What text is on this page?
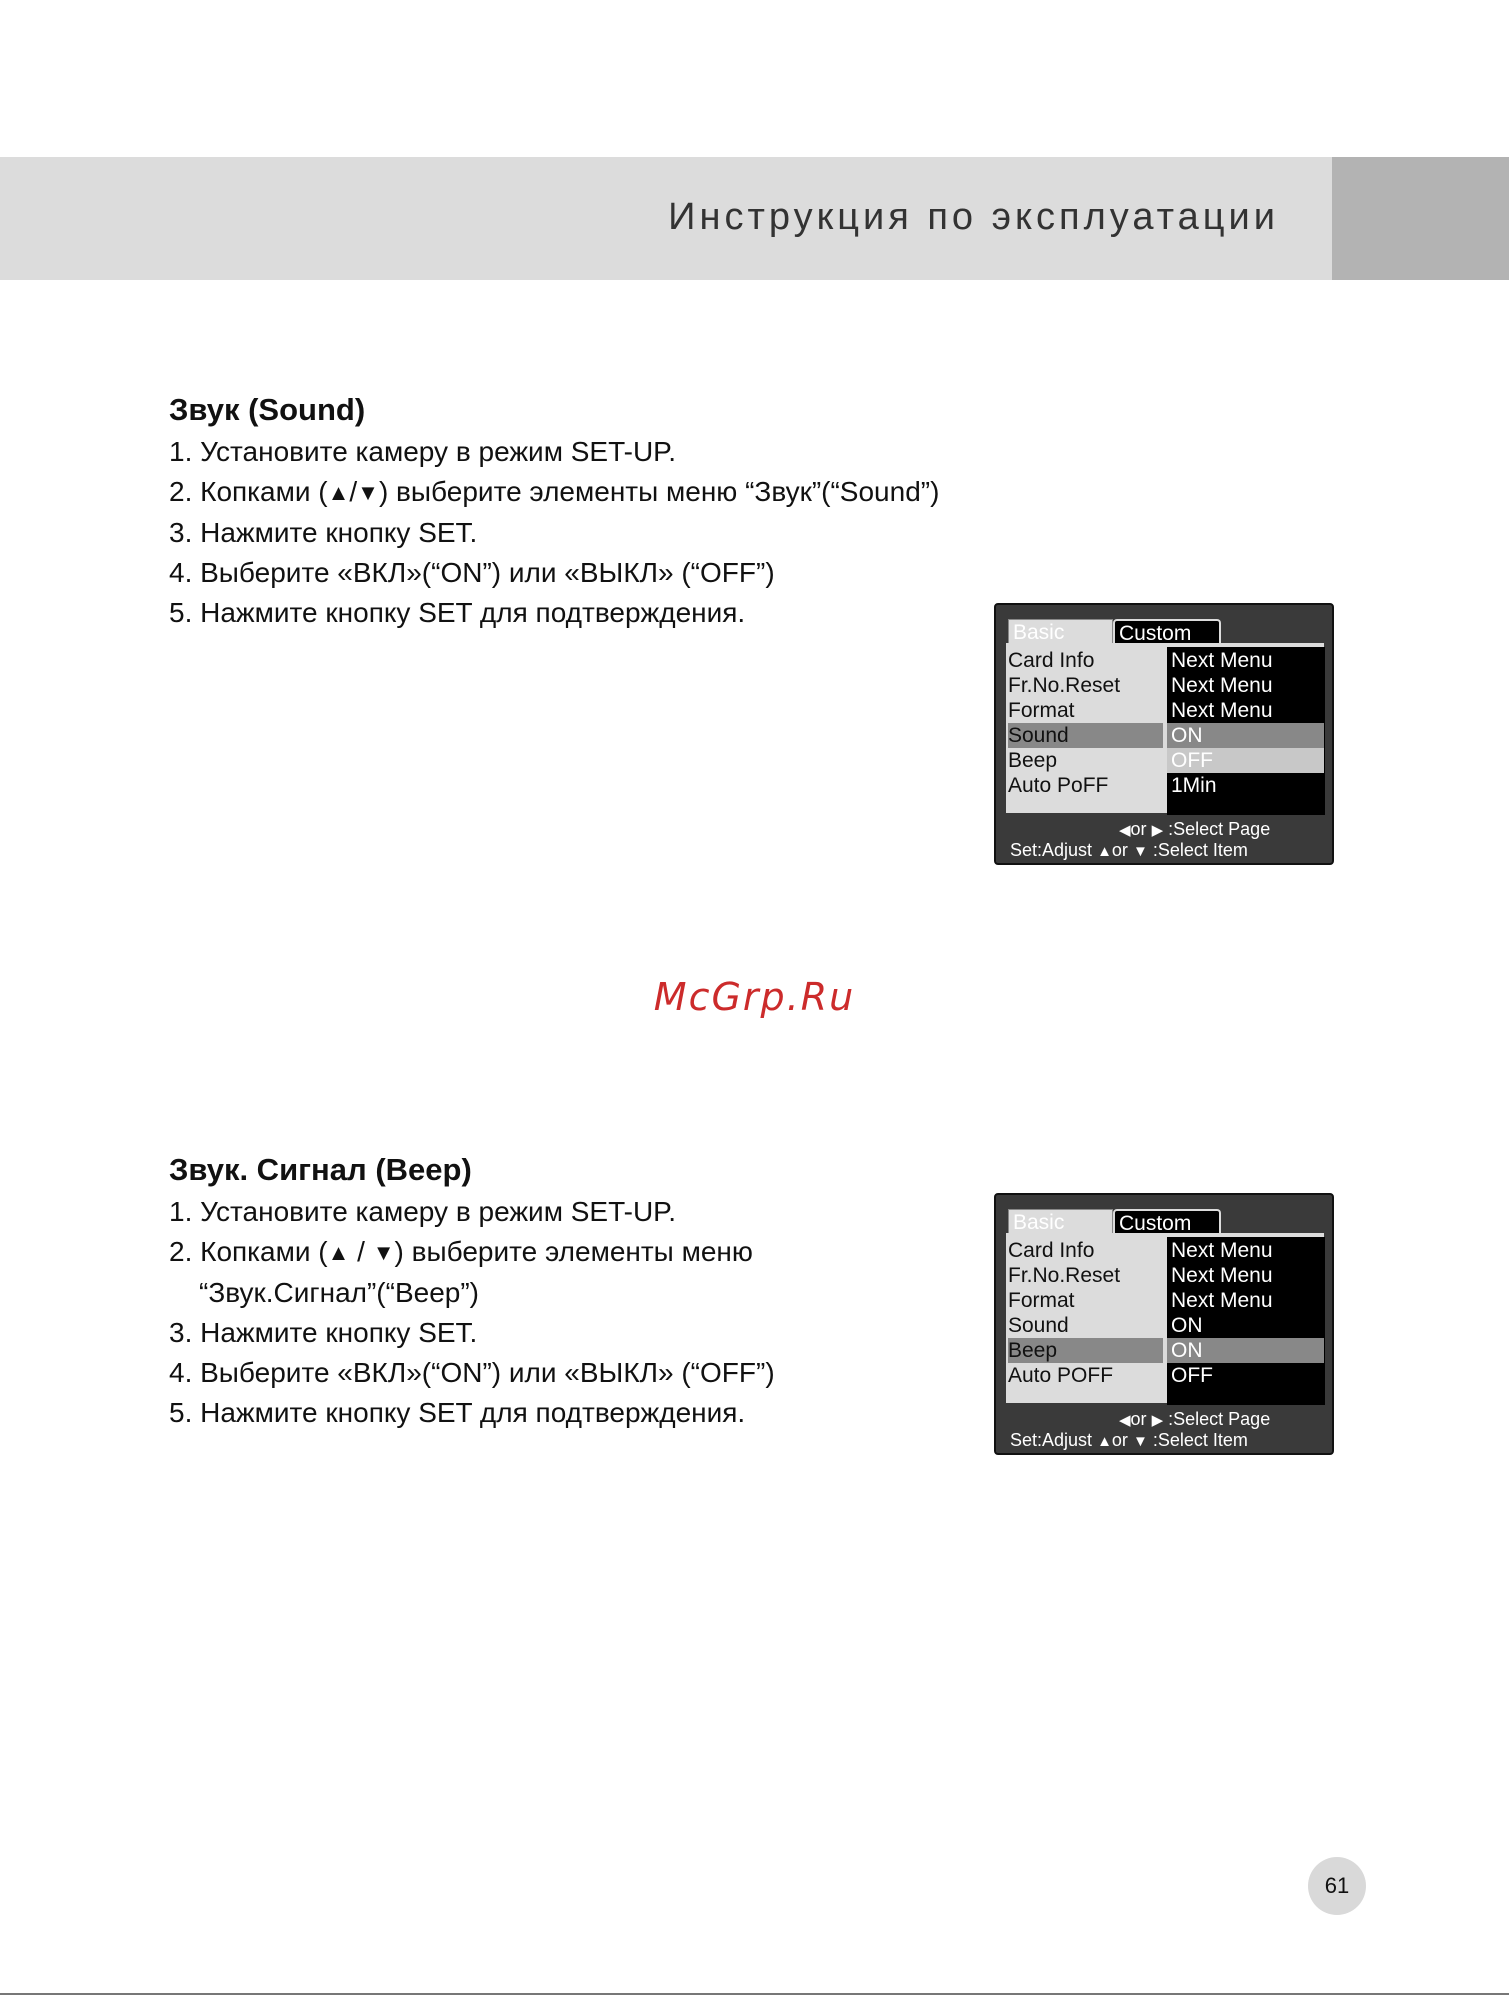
Инструкция по эксплуатации
Звук (Sound)
1. Установите камеру в режим SET-UP.
2. Копками (▲/▼) выберите элементы меню “Звук”(“Sound”)
3. Нажмите кнопку SET.
4. Выберите «ВКЛ»(“ON”) или «ВЫКЛ» (“OFF”)
5. Нажмите кнопку SET для подтверждения.
Basic	Custom
Card Info	Next Menu
Fr.No.Reset Next Menu
Format	Next Menu
Sound	ON
Beep	OFF
Auto PoFF	1Min
◀or ▶ :Select Page
Set:Adjust ▲or ▼ :Select Item
McGrp.Ru
Звук. Сигнал (Beep)
1. Установите камеру в режим SET-UP.
2. Копками (▲ / ▼) выберите элементы меню
“Звук.Сигнал”(“Beep”)
3. Нажмите кнопку SET.
4. Выберите «ВКЛ»(“ON”) или «ВЫКЛ» (“OFF”)
5. Нажмите кнопку SET для подтверждения.
Basic	Custom
Card Info	Next Menu
Fr.No.Reset Next Menu
Format	Next Menu
Sound	ON
Beep	ON
Auto POFF	OFF
◀or ▶ :Select Page
Set:Adjust ▲or ▼ :Select Item
61
